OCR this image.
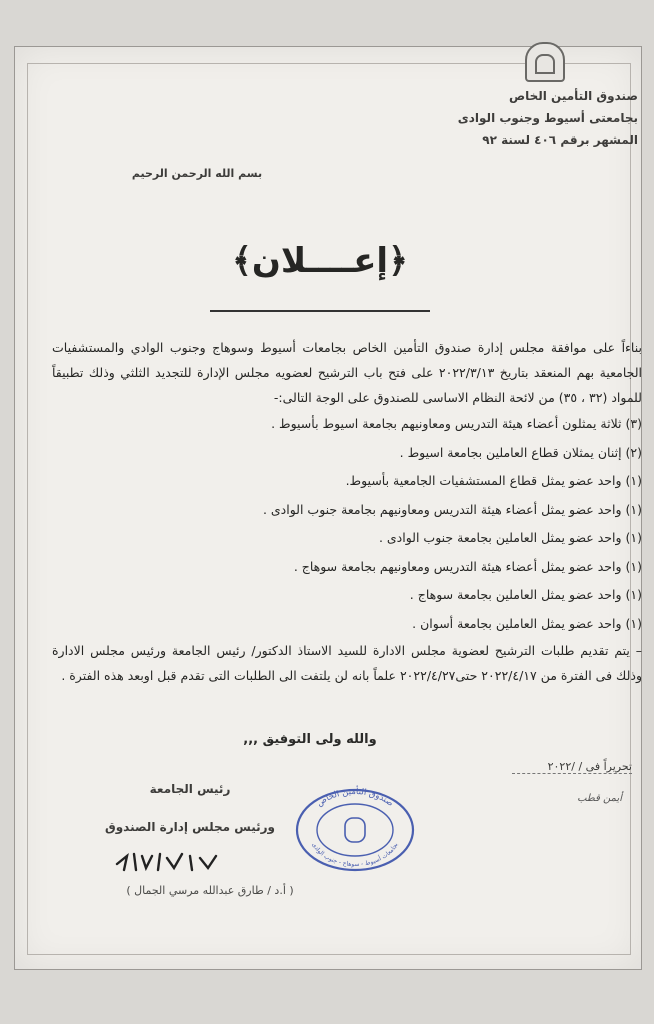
صندوق التأمين الخاص
بجامعتى أسيوط وجنوب الوادى
المشهر برقم ٤٠٦ لسنة ٩٢
بسم الله الرحمن الرحيم
﴿إعــــلان﴾

بناءاً على موافقة مجلس إدارة صندوق التأمين الخاص بجامعات أسيوط وسوهاج وجنوب الوادي والمستشفيات الجامعية بهم المنعقد بتاريخ ٢٠٢٢/٣/١٣ على فتح باب الترشيح لعضويه مجلس الإدارة للتجديد الثلثي وذلك تطبيقاً للمواد (٣٢ ، ٣٥) من لائحة النظام الاساسى للصندوق على الوجة التالى:-

(٣) ثلاثة يمثلون أعضاء هيئة التدريس ومعاونيهم بجامعة اسيوط بأسيوط .
(٢) إثنان يمثلان قطاع العاملين بجامعة اسيوط .
(١) واحد عضو يمثل قطاع المستشفيات الجامعية بأسيوط.
(١) واحد عضو يمثل أعضاء هيئة التدريس ومعاونيهم بجامعة جنوب الوادى .
(١) واحد عضو يمثل العاملين بجامعة جنوب الوادى .
(١) واحد عضو يمثل أعضاء هيئة التدريس ومعاونيهم بجامعة سوهاج .
(١) واحد عضو يمثل العاملين بجامعة سوهاج .
(١) واحد عضو يمثل العاملين بجامعة أسوان .

– يتم تقديم طلبات الترشيح لعضوية مجلس الادارة للسيد الاستاذ الدكتور/ رئيس الجامعة ورئيس مجلس الادارة وذلك فى الفترة من ٢٠٢٢/٤/١٧ حتى٢٠٢٢/٤/٢٧ علماً بانه لن يلتفت الى الطلبات التى تقدم قبل اوبعد هذه الفترة .

والله ولى التوفيق ,,,
تحريراً فى / /٢٠٢٢
أيمن قطب
رئيس الجامعة
ورئيس مجلس إدارة الصندوق
( أ.د / طارق عبدالله مرسي الجمال )
صندوق التأمين الخاص
بجامعات أسيوط - سوهاج - جنوب الوادى
